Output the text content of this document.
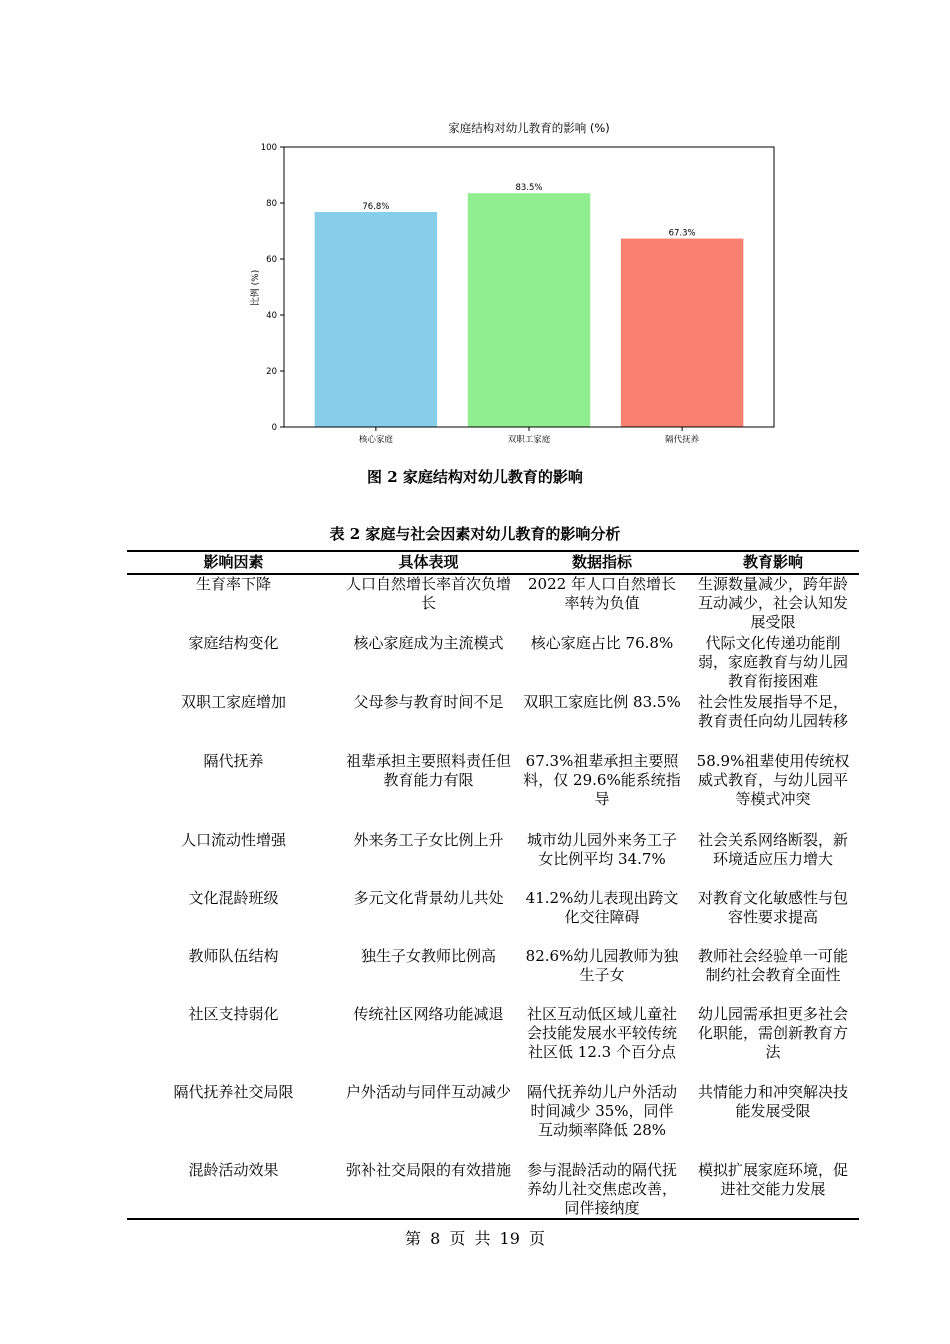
家庭结构对幼儿教育的影响 (%)
比例 (%)
0
20
40
60
80
100
76.8%
核心家庭
83.5%
双职工家庭
67.3%
隔代抚养
图 2 家庭结构对幼儿教育的影响
表 2 家庭与社会因素对幼儿教育的影响分析
影响因素	具体表现	数据指标	教育影响
生育率下降	人口自然增长率首次负增长	2022 年人口自然增长率转为负值	生源数量减少，跨年龄互动减少，社会认知发展受限
家庭结构变化	核心家庭成为主流模式	核心家庭占比 76.8%	代际文化传递功能削弱，家庭教育与幼儿园教育衔接困难
双职工家庭增加	父母参与教育时间不足	双职工家庭比例 83.5%	社会性发展指导不足，教育责任向幼儿园转移
隔代抚养	祖辈承担主要照料责任但教育能力有限	67.3%祖辈承担主要照料，仅 29.6%能系统指导	58.9%祖辈使用传统权威式教育，与幼儿园平等模式冲突
人口流动性增强	外来务工子女比例上升	城市幼儿园外来务工子女比例平均 34.7%	社会关系网络断裂，新环境适应压力增大
文化混龄班级	多元文化背景幼儿共处	41.2%幼儿表现出跨文化交往障碍	对教育文化敏感性与包容性要求提高
教师队伍结构	独生子女教师比例高	82.6%幼儿园教师为独生子女	教师社会经验单一可能制约社会教育全面性
社区支持弱化	传统社区网络功能减退	社区互动低区域儿童社会技能发展水平较传统社区低 12.3 个百分点	幼儿园需承担更多社会化职能，需创新教育方法
隔代抚养社交局限	户外活动与同伴互动减少	隔代抚养幼儿户外活动时间减少 35%，同伴互动频率降低 28%	共情能力和冲突解决技能发展受限
混龄活动效果	弥补社交局限的有效措施	参与混龄活动的隔代抚养幼儿社交焦虑改善，同伴接纳度	模拟扩展家庭环境，促进社交能力发展
第 8 页 共 19 页
